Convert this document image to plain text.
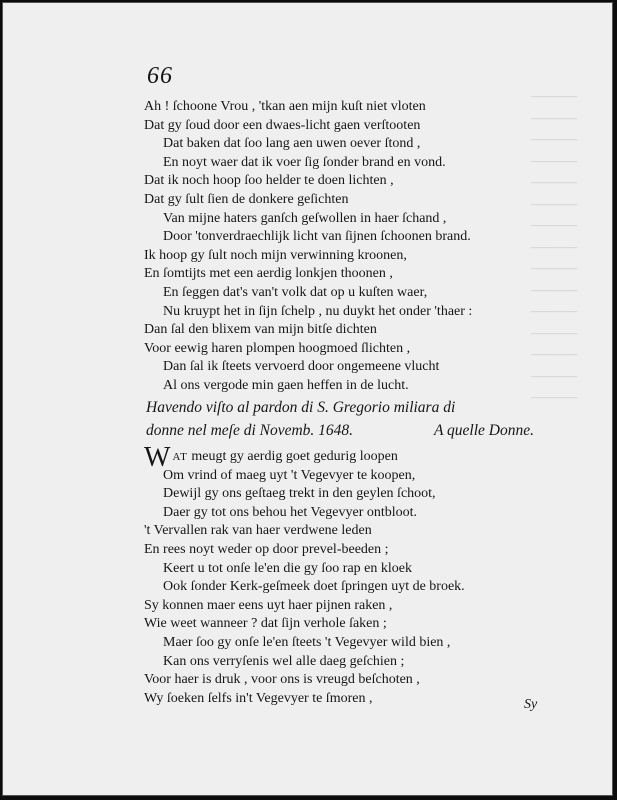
————
————
————
————
————
————
————
————
————
————
————
————
————
————
————
66
Ah ! ſchoone Vrou , 'tkan aen mijn kuſt niet vloten
Dat gy ſoud door een dwaes-licht gaen verſtooten
Dat baken dat ſoo lang aen uwen oever ſtond ,
En noyt waer dat ik voer ſig ſonder brand en vond.
Dat ik noch hoop ſoo helder te doen lichten ,
Dat gy ſult ſien de donkere geſichten
Van mijne haters ganſch geſwollen in haer ſchand ,
Door 'tonverdraechlijk licht van ſijnen ſchoonen brand.
Ik hoop gy ſult noch mijn verwinning kroonen,
En ſomtijts met een aerdig lonkjen thoonen ,
En ſeggen dat's van't volk dat op u kuſten waer,
Nu kruypt het in ſijn ſchelp , nu duykt het onder 'thaer :
Dan ſal den blixem van mijn bitſe dichten
Voor eewig haren plompen hoogmoed ſlichten ,
Dan ſal ik ſteets vervoerd door ongemeene vlucht
Al ons vergode min gaen heffen in de lucht.
Havendo viſto al pardon di S. Gregorio miliara di
donne nel meſe di Novemb. 1648.	A quelle Donne.
W AT meugt gy aerdig goet gedurig loopen
Om vrind of maeg uyt 't Vegevyer te koopen,
Dewijl gy ons geſtaeg trekt in den geylen ſchoot,
Daer gy tot ons behou het Vegevyer ontbloot.
't Vervallen rak van haer verdwene leden
En rees noyt weder op door prevel-beeden ;
Keert u tot onſe le'en die gy ſoo rap en kloek
Ook ſonder Kerk-geſmeek doet ſpringen uyt de broek.
Sy konnen maer eens uyt haer pijnen raken ,
Wie weet wanneer ? dat ſijn verhole ſaken ;
Maer ſoo gy onſe le'en ſteets 't Vegevyer wild bien ,
Kan ons verryſenis wel alle daeg geſchien ;
Voor haer is druk , voor ons is vreugd beſchoten ,
Wy ſoeken ſelfs in't Vegevyer te ſmoren ,	Sy
